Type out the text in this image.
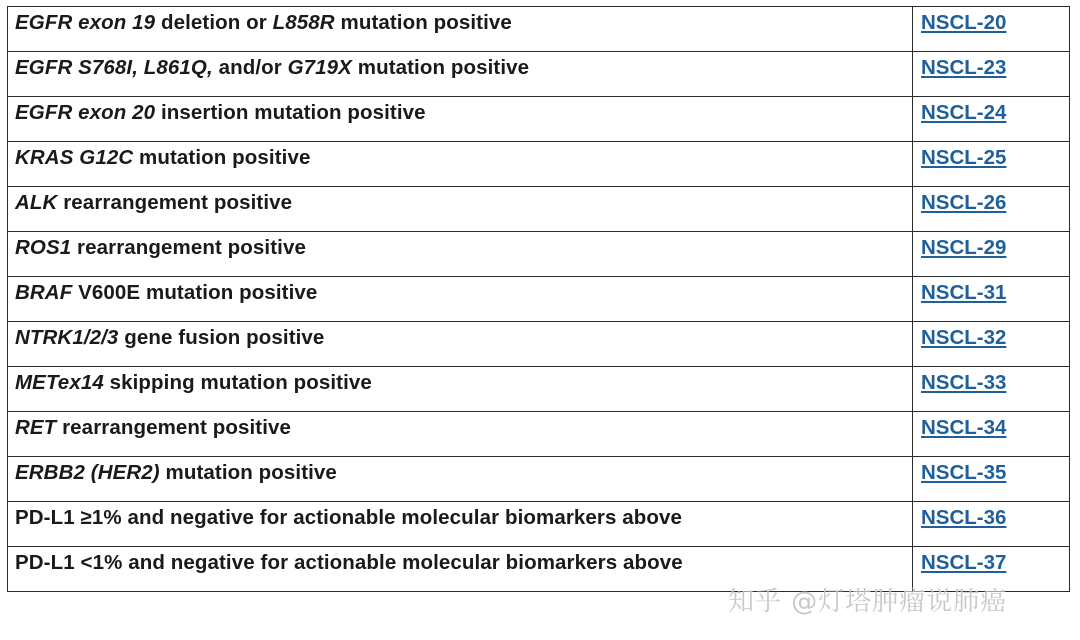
EGFR exon 19 deletion or L858R mutation positive	NSCL-20
EGFR S768I, L861Q, and/or G719X mutation positive	NSCL-23
EGFR exon 20 insertion mutation positive	NSCL-24
KRAS G12C mutation positive	NSCL-25
ALK rearrangement positive	NSCL-26
ROS1 rearrangement positive	NSCL-29
BRAF V600E mutation positive	NSCL-31
NTRK1/2/3 gene fusion positive	NSCL-32
METex14 skipping mutation positive	NSCL-33
RET rearrangement positive	NSCL-34
ERBB2 (HER2) mutation positive	NSCL-35
PD-L1 ≥1% and negative for actionable molecular biomarkers above	NSCL-36
PD-L1 <1% and negative for actionable molecular biomarkers above	NSCL-37
知乎 @灯塔肿瘤说肺癌
